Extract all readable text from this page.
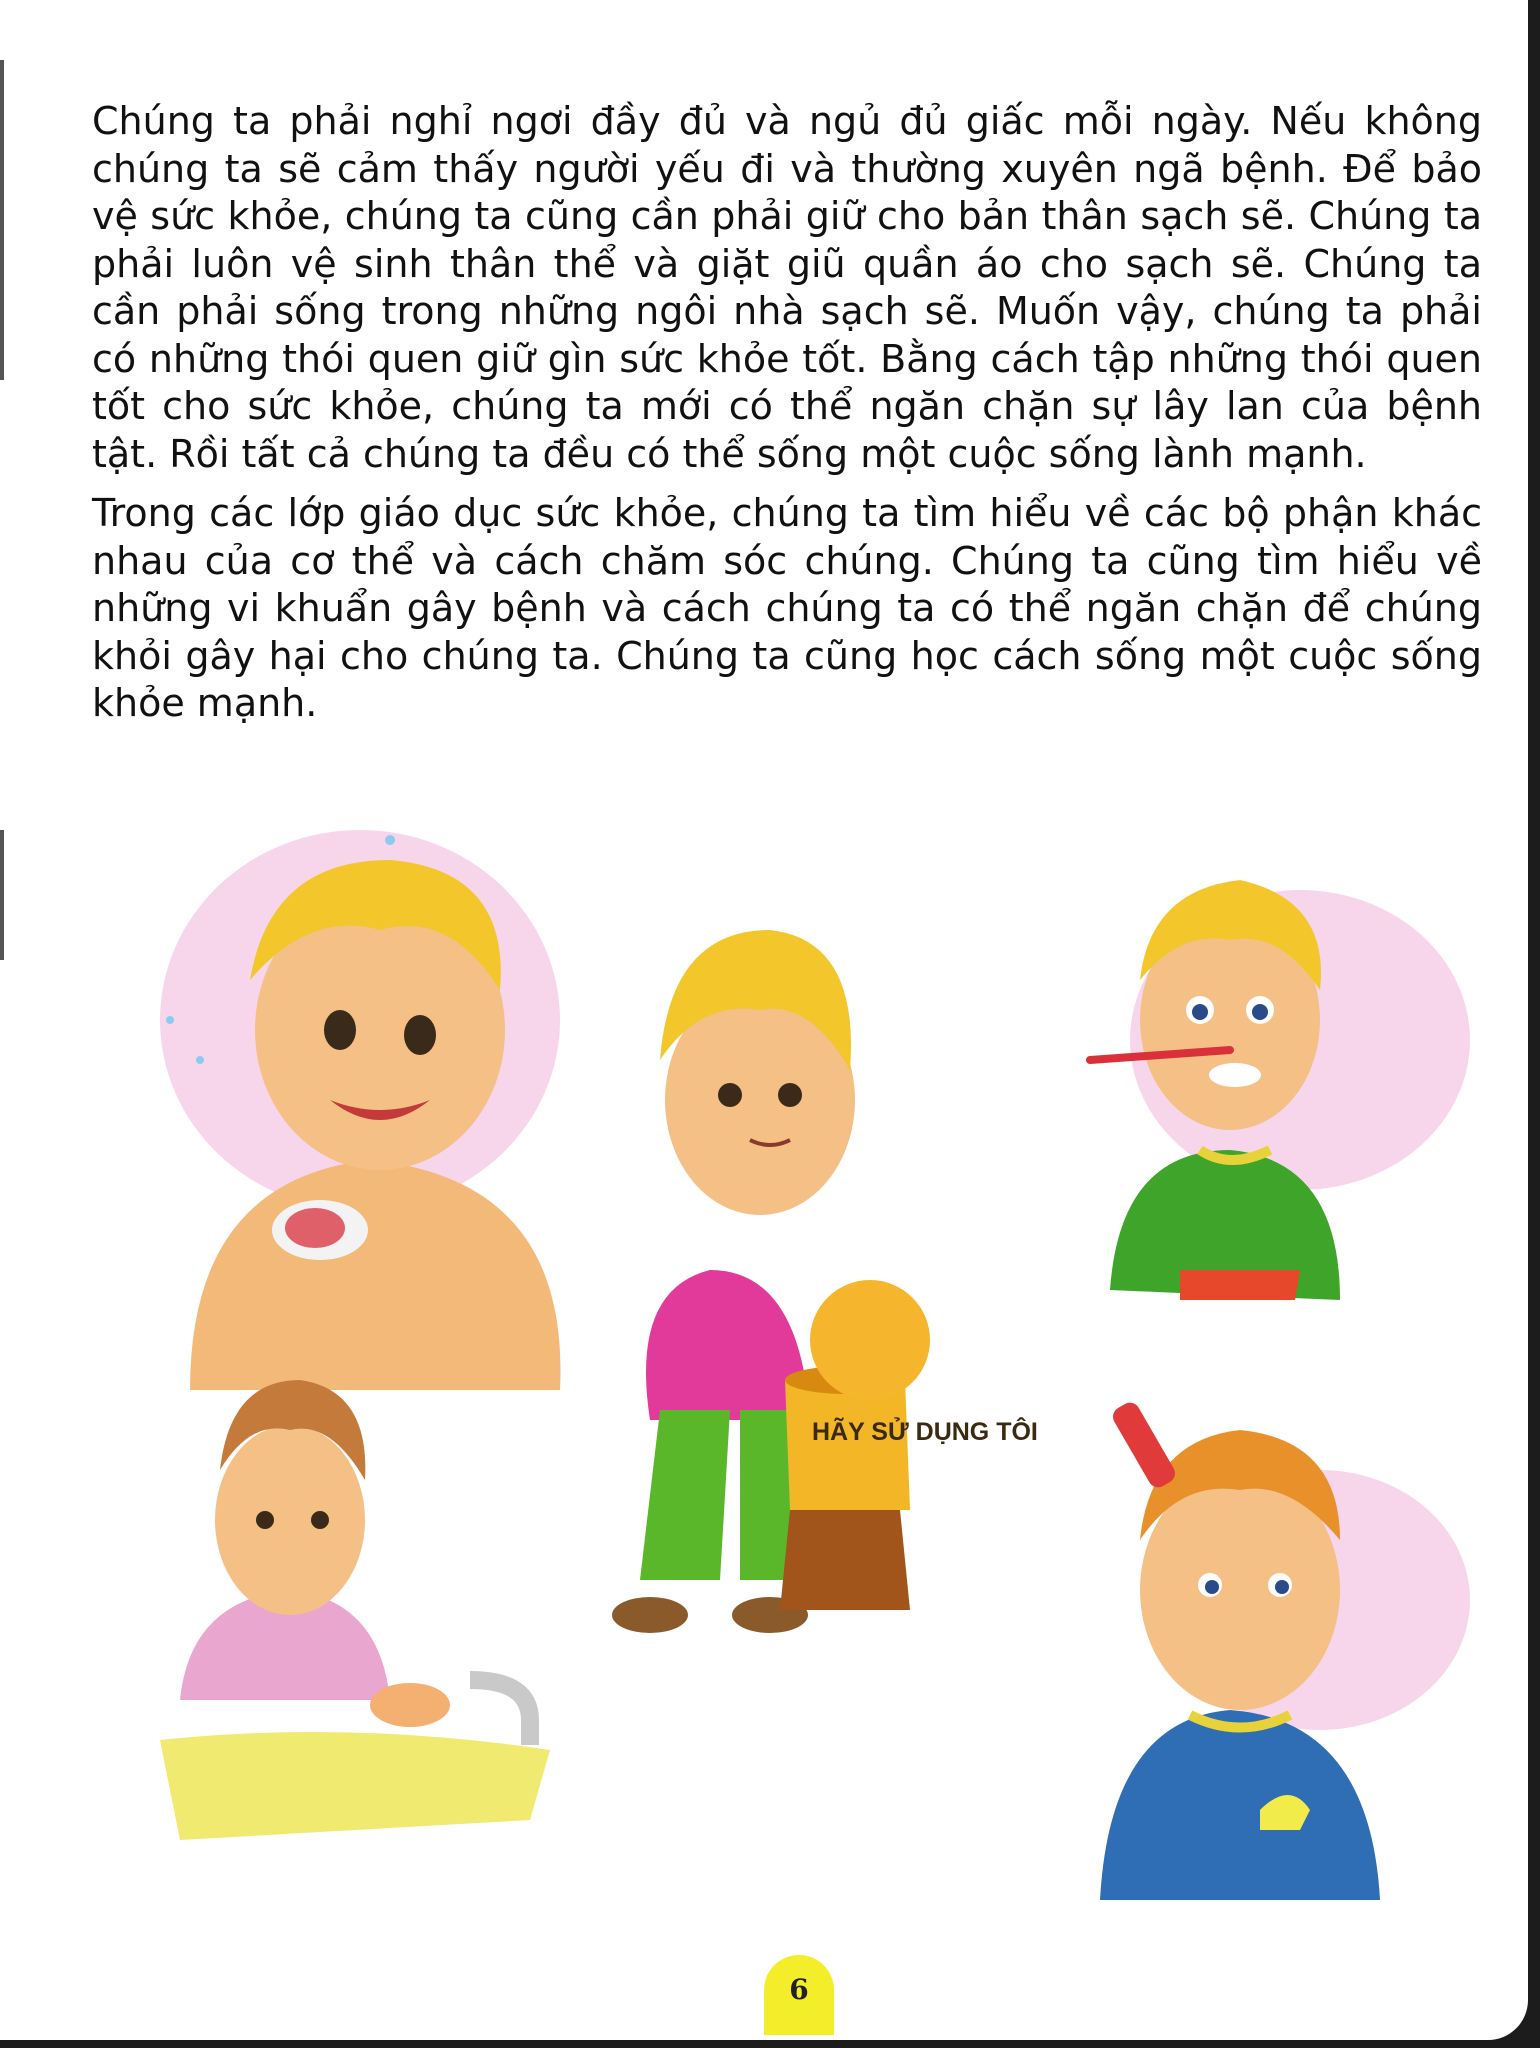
Chúng ta phải nghỉ ngơi đầy đủ và ngủ đủ giấc mỗi ngày. Nếu không chúng ta sẽ cảm thấy người yếu đi và thường xuyên ngã bệnh. Để bảo vệ sức khỏe, chúng ta cũng cần phải giữ cho bản thân sạch sẽ. Chúng ta phải luôn vệ sinh thân thể và giặt giũ quần áo cho sạch sẽ. Chúng ta cần phải sống trong những ngôi nhà sạch sẽ. Muốn vậy, chúng ta phải có những thói quen giữ gìn sức khỏe tốt. Bằng cách tập những thói quen tốt cho sức khỏe, chúng ta mới có thể ngăn chặn sự lây lan của bệnh tật. Rồi tất cả chúng ta đều có thể sống một cuộc sống lành mạnh.

Trong các lớp giáo dục sức khỏe, chúng ta tìm hiểu về các bộ phận khác nhau của cơ thể và cách chăm sóc chúng. Chúng ta cũng tìm hiểu về những vi khuẩn gây bệnh và cách chúng ta có thể ngăn chặn để chúng khỏi gây hại cho chúng ta. Chúng ta cũng học cách sống một cuộc sống khỏe mạnh.

HÃY SỬ DỤNG TÔI
6
